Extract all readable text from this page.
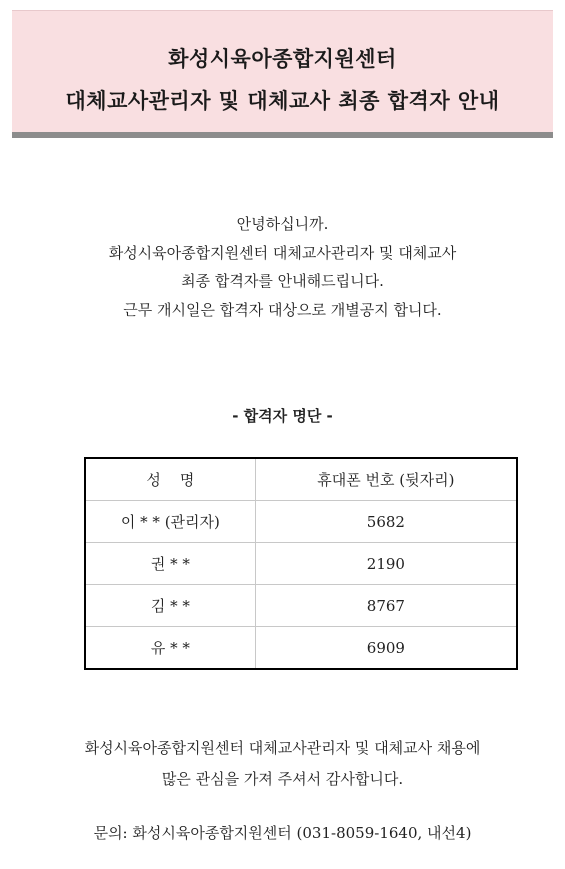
화성시육아종합지원센터
대체교사관리자 및 대체교사 최종 합격자 안내

안녕하십니까.

화성시육아종합지원센터 대체교사관리자 및 대체교사

최종 합격자를 안내해드립니다.

근무 개시일은 합격자 대상으로 개별공지 합니다.

- 합격자 명단 -
성    명	휴대폰 번호 (뒷자리)
이 * * (관리자)	5682
권 * *	2190
김 * *	8767
유 * *	6909

화성시육아종합지원센터 대체교사관리자 및 대체교사 채용에

많은 관심을 가져 주셔서 감사합니다.

문의: 화성시육아종합지원센터 (031-8059-1640, 내선4)
